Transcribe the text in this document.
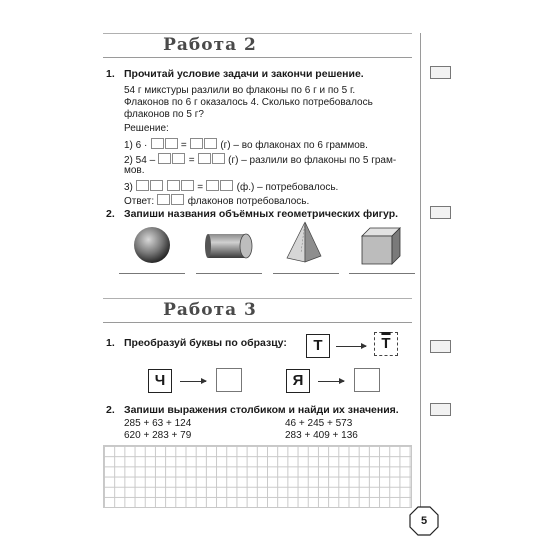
Работа 2
1. Прочитай условие задачи и закончи решение.
54 г микстуры разлили во флаконы по 6 г и по 5 г.
Флаконов по 6 г оказалось 4. Сколько потребовалось
флаконов по 5 г?
Решение:
1) 6 ·	=	(г) – во флаконах по 6 граммов.
2) 54 –	=	(г) – разлили во флаконы по 5 грам-
мов.
3)	=	(ф.) – потребовалось.
Ответ:	флаконов потребовалось.
2. Запиши названия объёмных геометрических фигур.
Работа 3
1. Преобразуй буквы по образцу:	Т	Т
Ч	Я
2. Запиши выражения столбиком и найди их значения.
285 + 63 + 124
620 + 283 + 79
46 + 245 + 573
283 + 409 + 136
5
